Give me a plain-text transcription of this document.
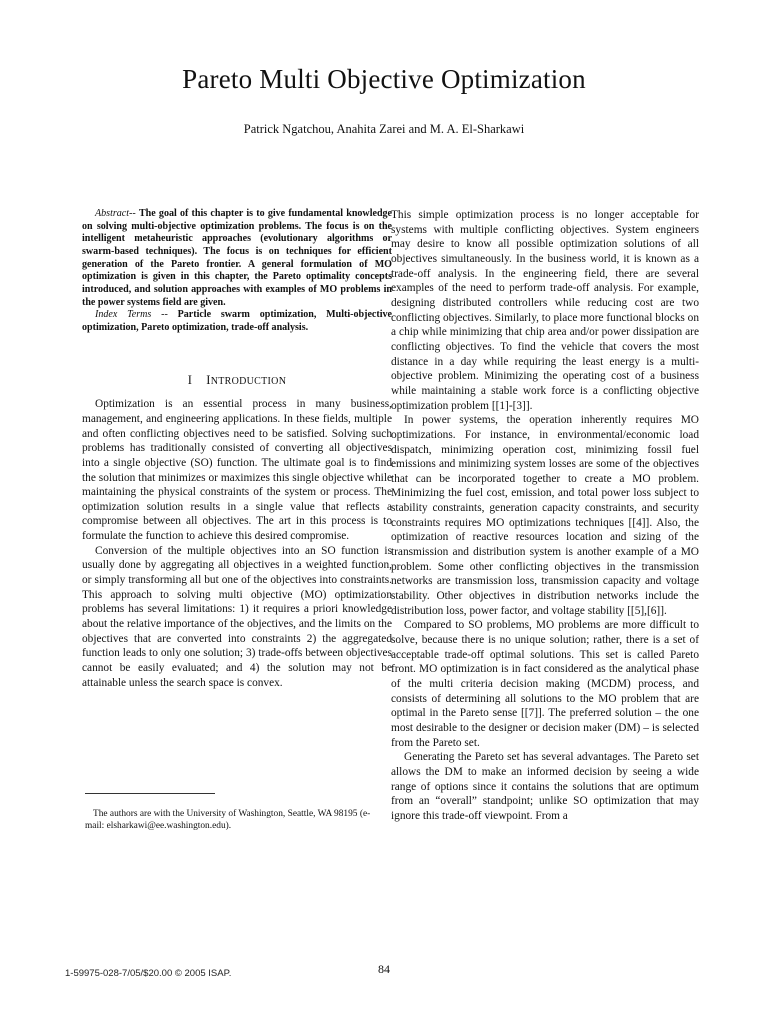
Pareto Multi Objective Optimization
Patrick Ngatchou, Anahita Zarei and M. A. El-Sharkawi

Abstract-- The goal of this chapter is to give fundamental knowledge on solving multi-objective optimization problems. The focus is on the intelligent metaheuristic approaches (evolutionary algorithms or swarm-based techniques). The focus is on techniques for efficient generation of the Pareto frontier. A general formulation of MO optimization is given in this chapter, the Pareto optimality concepts introduced, and solution approaches with examples of MO problems in the power systems field are given.

Index Terms -- Particle swarm optimization, Multi-objective optimization, Pareto optimization, trade-off analysis.

I INTRODUCTION

Optimization is an essential process in many business, management, and engineering applications. In these fields, multiple and often conflicting objectives need to be satisfied. Solving such problems has traditionally consisted of converting all objectives into a single objective (SO) function. The ultimate goal is to find the solution that minimizes or maximizes this single objective while maintaining the physical constraints of the system or process. The optimization solution results in a single value that reflects a compromise between all objectives. The art in this process is to formulate the function to achieve this desired compromise.

Conversion of the multiple objectives into an SO function is usually done by aggregating all objectives in a weighted function, or simply transforming all but one of the objectives into constraints. This approach to solving multi objective (MO) optimization problems has several limitations: 1) it requires a priori knowledge about the relative importance of the objectives, and the limits on the objectives that are converted into constraints 2) the aggregated function leads to only one solution; 3) trade-offs between objectives cannot be easily evaluated; and 4) the solution may not be attainable unless the search space is convex.

This simple optimization process is no longer acceptable for systems with multiple conflicting objectives. System engineers may desire to know all possible optimization solutions of all objectives simultaneously. In the business world, it is known as a trade-off analysis. In the engineering field, there are several examples of the need to perform trade-off analysis. For example, designing distributed controllers while reducing cost are two conflicting objectives. Similarly, to place more functional blocks on a chip while minimizing that chip area and/or power dissipation are conflicting objectives. To find the vehicle that covers the most distance in a day while requiring the least energy is a multi-objective problem. Minimizing the operating cost of a business while maintaining a stable work force is a conflicting objective optimization problem [[1]-[3]].

In power systems, the operation inherently requires MO optimizations. For instance, in environmental/economic load dispatch, minimizing operation cost, minimizing fossil fuel emissions and minimizing system losses are some of the objectives that can be incorporated together to create a MO problem. Minimizing the fuel cost, emission, and total power loss subject to stability constraints, generation capacity constraints, and security constraints requires MO optimizations techniques [[4]]. Also, the optimization of reactive resources location and sizing of the transmission and distribution system is another example of a MO problem. Some other conflicting objectives in the transmission networks are transmission loss, transmission capacity and voltage stability. Other objectives in distribution networks include the distribution loss, power factor, and voltage stability [[5],[6]].

Compared to SO problems, MO problems are more difficult to solve, because there is no unique solution; rather, there is a set of acceptable trade-off optimal solutions. This set is called Pareto front. MO optimization is in fact considered as the analytical phase of the multi criteria decision making (MCDM) process, and consists of determining all solutions to the MO problem that are optimal in the Pareto sense [[7]]. The preferred solution – the one most desirable to the designer or decision maker (DM) – is selected from the Pareto set.

Generating the Pareto set has several advantages. The Pareto set allows the DM to make an informed decision by seeing a wide range of options since it contains the solutions that are optimum from an “overall” standpoint; unlike SO optimization that may ignore this trade-off viewpoint. From a

The authors are with the University of Washington, Seattle, WA 98195 (e-mail: elsharkawi@ee.washington.edu).
1-59975-028-7/05/$20.00 © 2005 ISAP.	84
